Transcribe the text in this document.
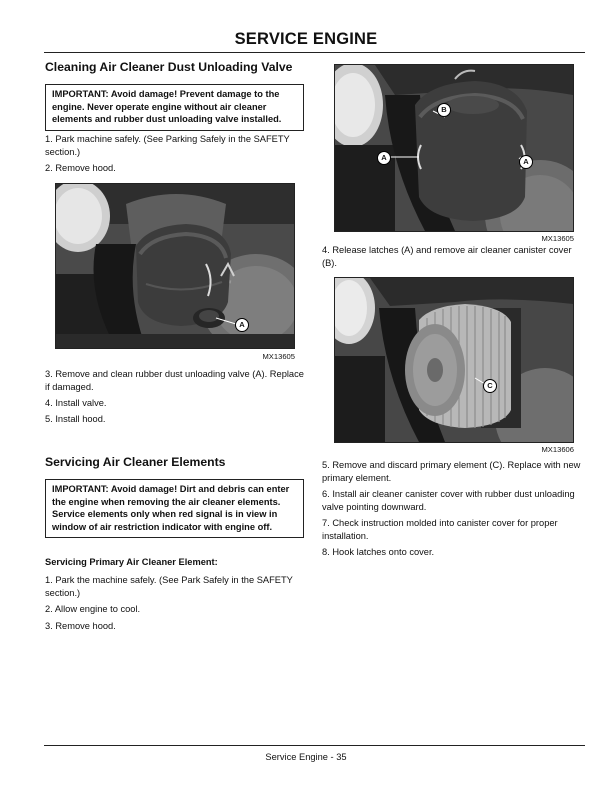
SERVICE ENGINE
Cleaning Air Cleaner Dust Unloading Valve
IMPORTANT: Avoid damage! Prevent damage to the engine. Never operate engine without air cleaner elements and rubber dust unloading valve installed.
1. Park machine safely. (See Parking Safely in the SAFETY section.)
2. Remove hood.
A
MX13605
3. Remove and clean rubber dust unloading valve (A). Replace if damaged.
4. Install valve.
5. Install hood.
Servicing Air Cleaner Elements
IMPORTANT: Avoid damage! Dirt and debris can enter the engine when removing the air cleaner elements. Service elements only when red signal is in view in window of air restriction indicator with engine off.
Servicing Primary Air Cleaner Element:
1. Park the machine safely. (See Park Safely in the SAFETY section.)
2. Allow engine to cool.
3. Remove hood.
B
A	A
MX13605
4. Release latches (A) and remove air cleaner canister cover (B).
C
MX13606
5. Remove and discard primary element (C). Replace with new primary element.
6. Install air cleaner canister cover with rubber dust unloading valve pointing downward.
7. Check instruction molded into canister cover for proper installation.
8. Hook latches onto cover.
Service Engine - 35
